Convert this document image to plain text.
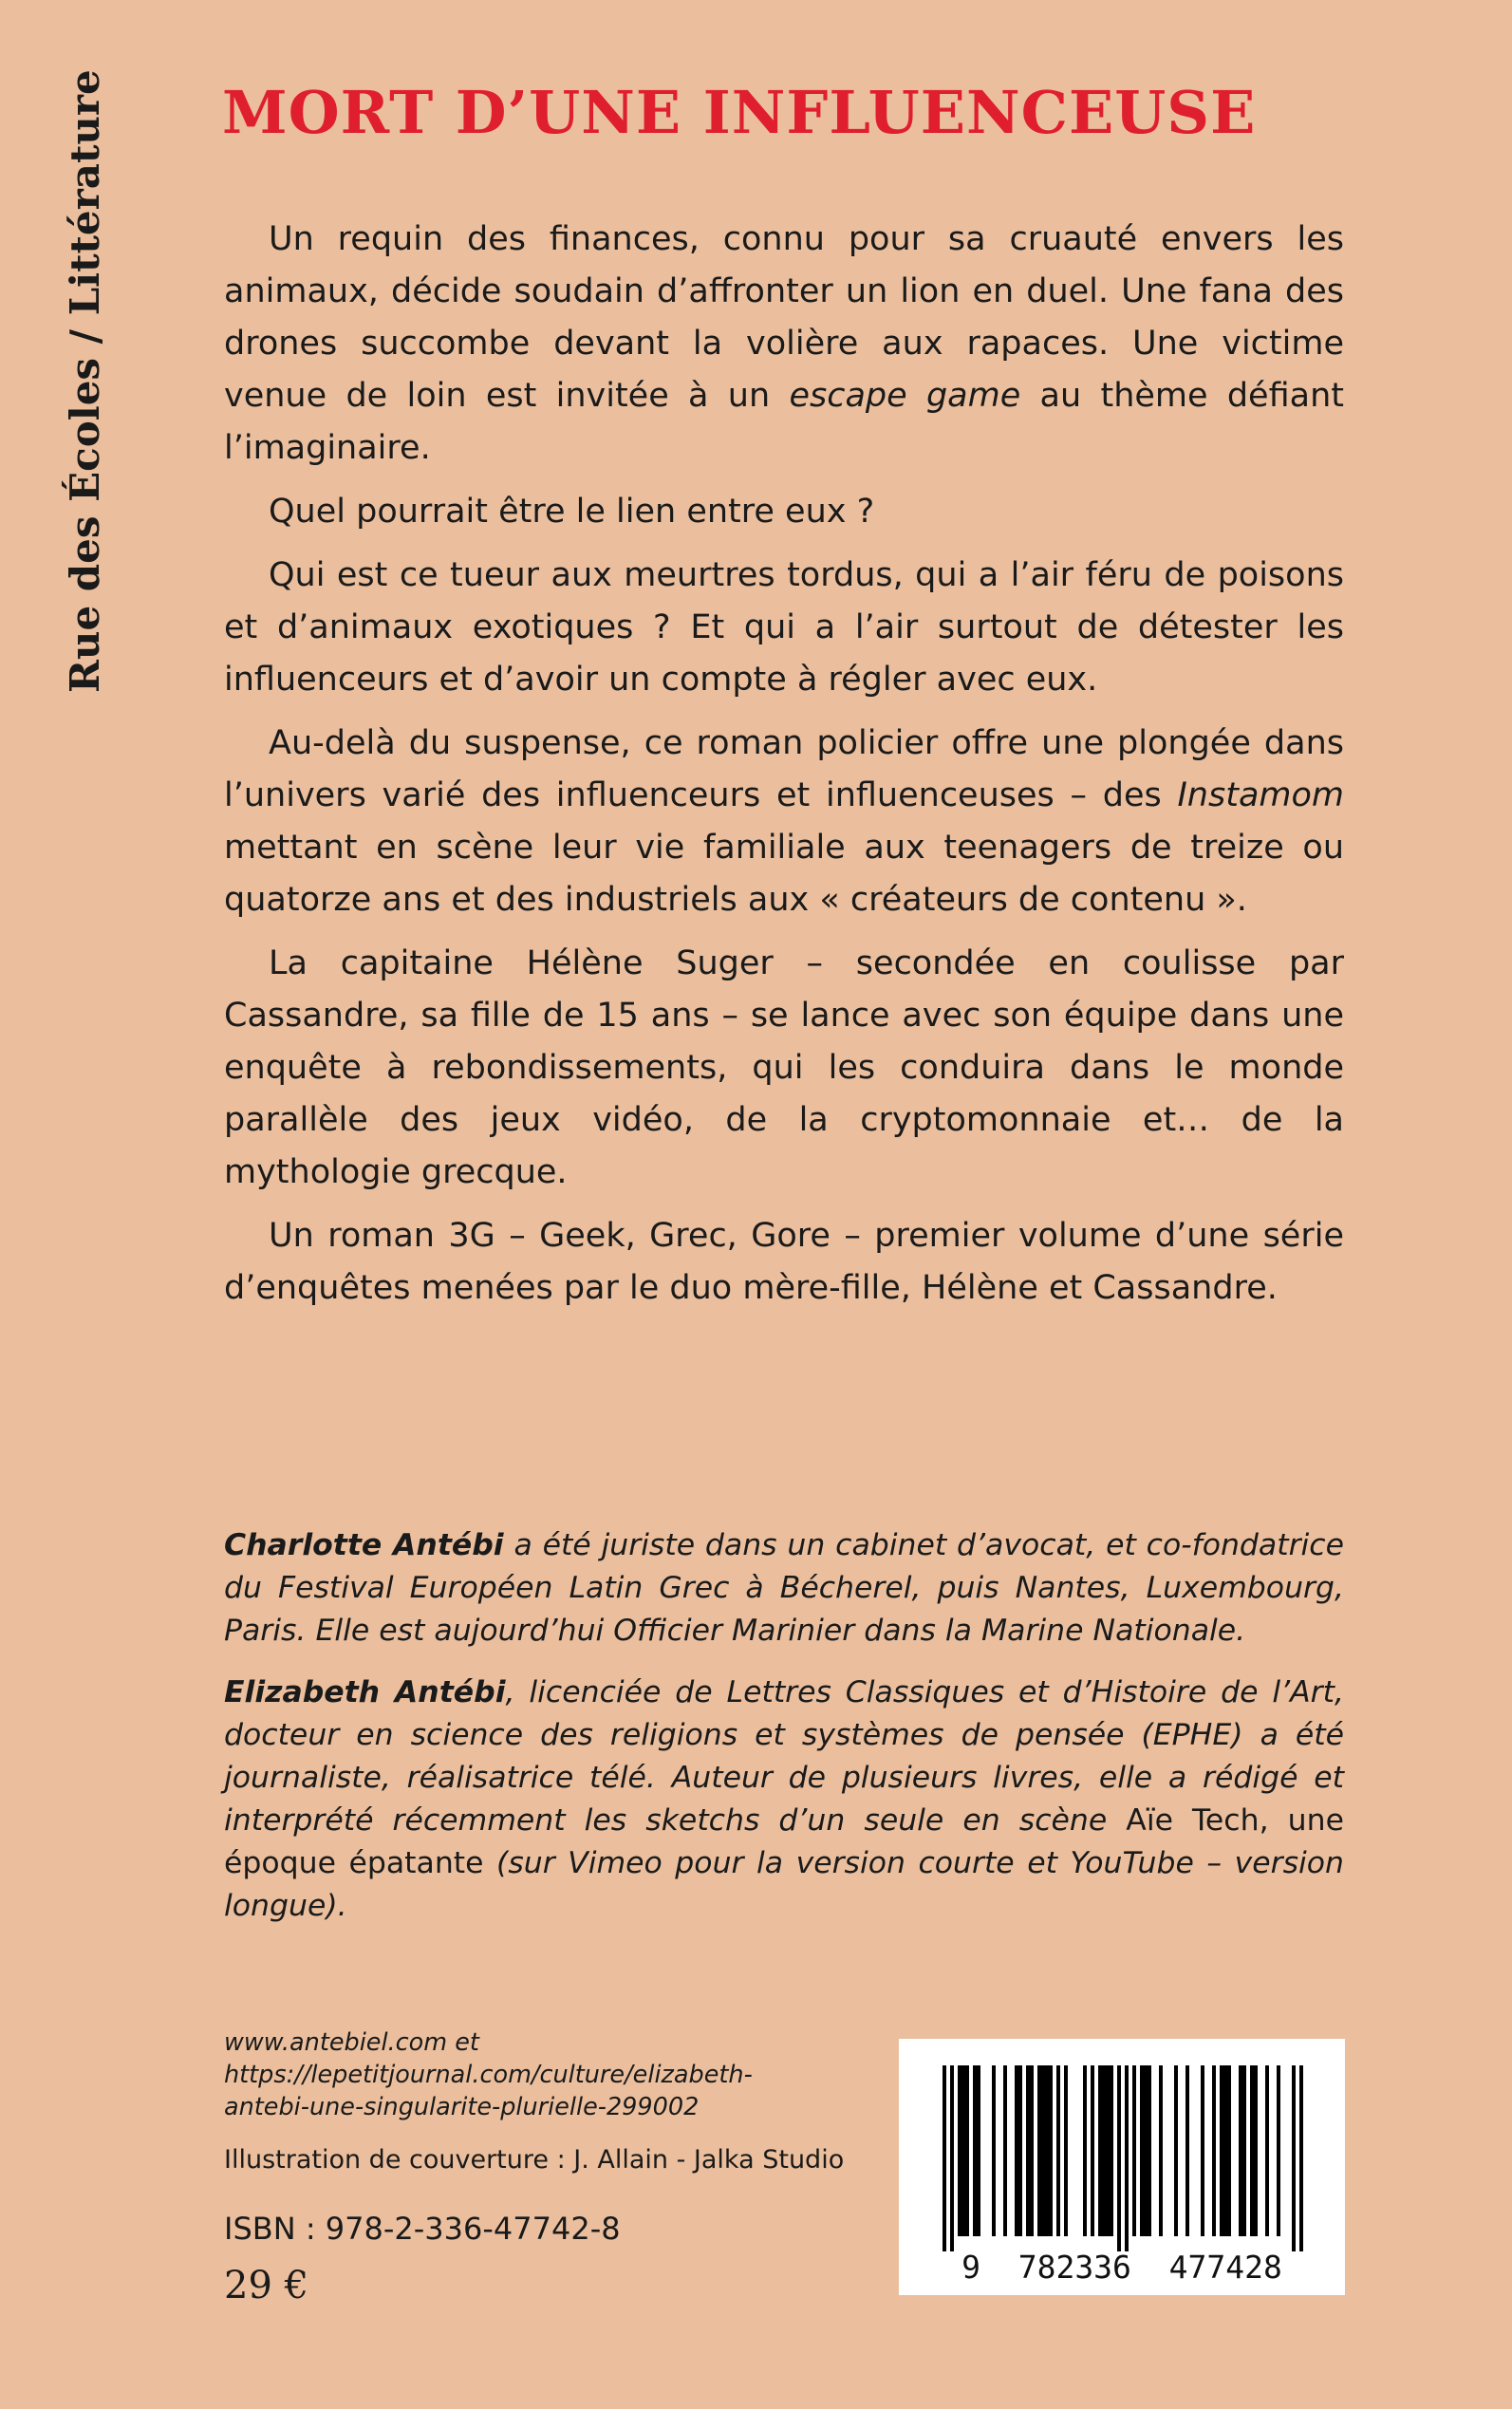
Rue des Écoles / Littérature MORT D’UNE INFLUENCEUSE

Un requin des finances, connu pour sa cruauté envers les animaux, décide soudain d’affronter un lion en duel. Une fana des drones succombe devant la volière aux rapaces. Une victime venue de loin est invitée à un escape game au thème défiant l’imaginaire.

Quel pourrait être le lien entre eux ?

Qui est ce tueur aux meurtres tordus, qui a l’air féru de poisons et d’animaux exotiques ? Et qui a l’air surtout de détester les influenceurs et d’avoir un compte à régler avec eux.

Au-delà du suspense, ce roman policier offre une plongée dans l’univers varié des influenceurs et influenceuses – des Instamom mettant en scène leur vie familiale aux teenagers de treize ou quatorze ans et des industriels aux « créateurs de contenu ».

La capitaine Hélène Suger – secondée en coulisse par Cassandre, sa fille de 15 ans – se lance avec son équipe dans une enquête à rebondissements, qui les conduira dans le monde parallèle des jeux vidéo, de la cryptomonnaie et… de la mythologie grecque.

Un roman 3G – Geek, Grec, Gore – premier volume d’une série d’enquêtes menées par le duo mère-fille, Hélène et Cassandre.

Charlotte Antébi a été juriste dans un cabinet d’avocat, et co-fondatrice du Festival Européen Latin Grec à Bécherel, puis Nantes, Luxembourg, Paris. Elle est aujourd’hui Officier Marinier dans la Marine Nationale.

Elizabeth Antébi, licenciée de Lettres Classiques et d’Histoire de l’Art, docteur en science des religions et systèmes de pensée (EPHE) a été journaliste, réalisatrice télé. Auteur de plusieurs livres, elle a rédigé et interprété récemment les sketchs d’un seule en scène Aïe Tech, une époque épatante (sur Vimeo pour la version courte et YouTube – version longue).

www.antebiel.com et
https://lepetitjournal.com/culture/elizabeth-
antebi-une-singularite-plurielle-299002
Illustration de couverture : J. Allain - Jalka Studio
ISBN : 978-2-336-47742-8
29 €	9  782336  477428
